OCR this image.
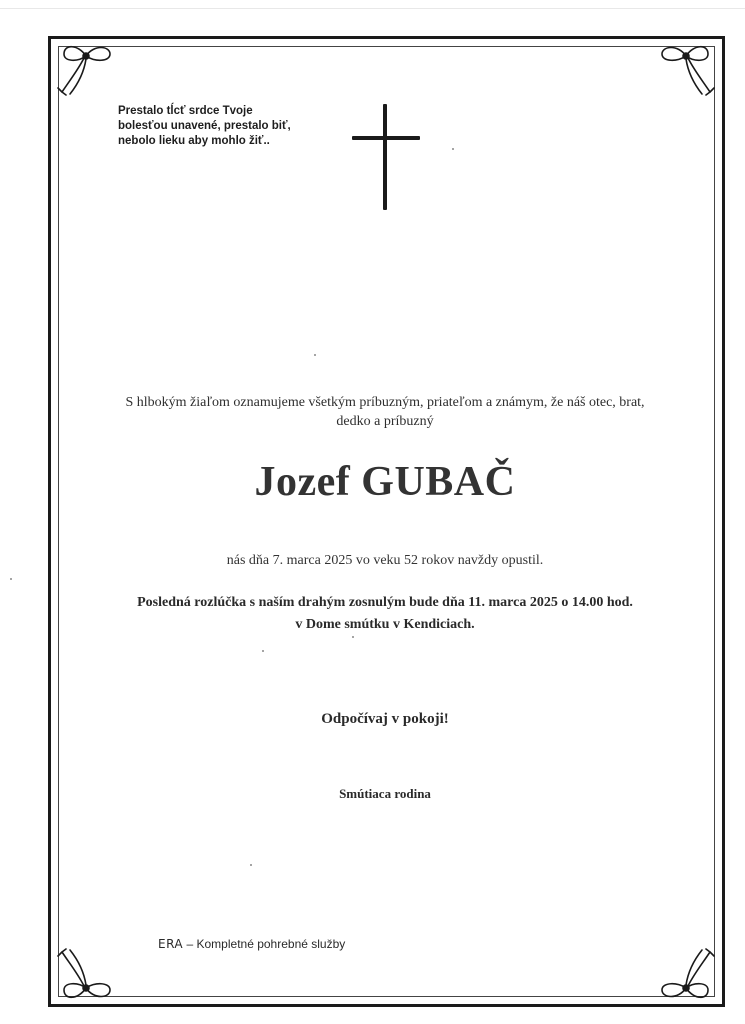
Prestalo tĺcť srdce Tvoje
bolesťou unavené, prestalo biť,
nebolo lieku aby mohlo žiť..
S hlbokým žiaľom oznamujeme všetkým príbuzným, priateľom a známym, že náš otec, brat,
dedko a príbuzný
Jozef GUBAČ
nás dňa 7. marca 2025 vo veku 52 rokov navždy opustil.
Posledná rozlúčka s naším drahým zosnulým bude dňa 11. marca 2025 o 14.00 hod.
v Dome smútku v Kendiciach.
Odpočívaj v pokoji!
Smútiaca rodina
ERA – Kompletné pohrebné služby
